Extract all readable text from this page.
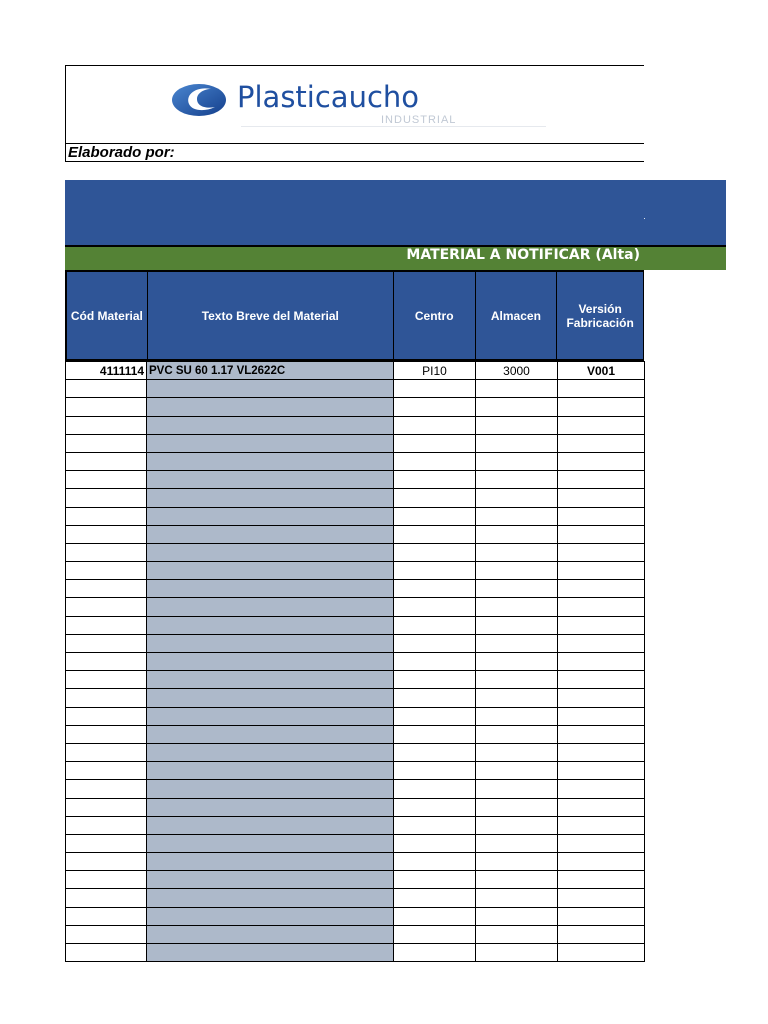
Plasticaucho
INDUSTRIAL
Elaborado por:
MATERIAL A NOTIFICAR (Alta)
Cód Material	Texto Breve del Material	Centro	Almacen	Versión Fabricación
4111114	PVC SU 60 1.17 VL2622C	PI10	3000	V001
